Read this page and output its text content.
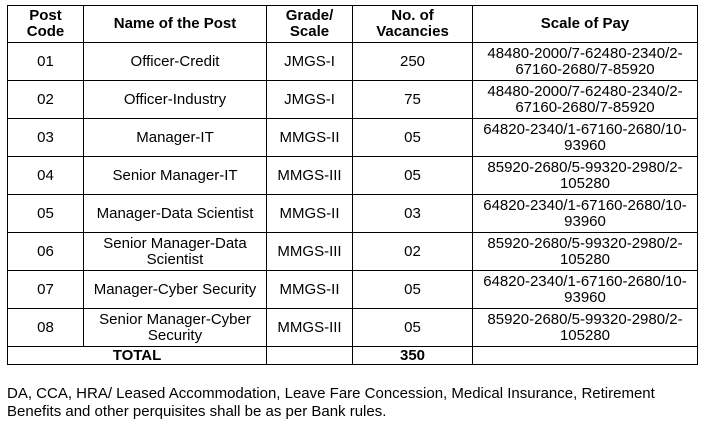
Post Code	Name of the Post	Grade/ Scale	No. of Vacancies	Scale of Pay
01	Officer-Credit	JMGS-I	250	48480-2000/7-62480-2340/2-67160-2680/7-85920
02	Officer-Industry	JMGS-I	75	48480-2000/7-62480-2340/2-67160-2680/7-85920
03	Manager-IT	MMGS-II	05	64820-2340/1-67160-2680/10-93960
04	Senior Manager-IT	MMGS-III	05	85920-2680/5-99320-2980/2-105280
05	Manager-Data Scientist	MMGS-II	03	64820-2340/1-67160-2680/10-93960
06	Senior Manager-Data Scientist	MMGS-III	02	85920-2680/5-99320-2980/2-105280
07	Manager-Cyber Security	MMGS-II	05	64820-2340/1-67160-2680/10-93960
08	Senior Manager-Cyber Security	MMGS-III	05	85920-2680/5-99320-2980/2-105280
TOTAL			350	
DA, CCA, HRA/ Leased Accommodation, Leave Fare Concession, Medical Insurance, Retirement Benefits and other perquisites shall be as per Bank rules.
